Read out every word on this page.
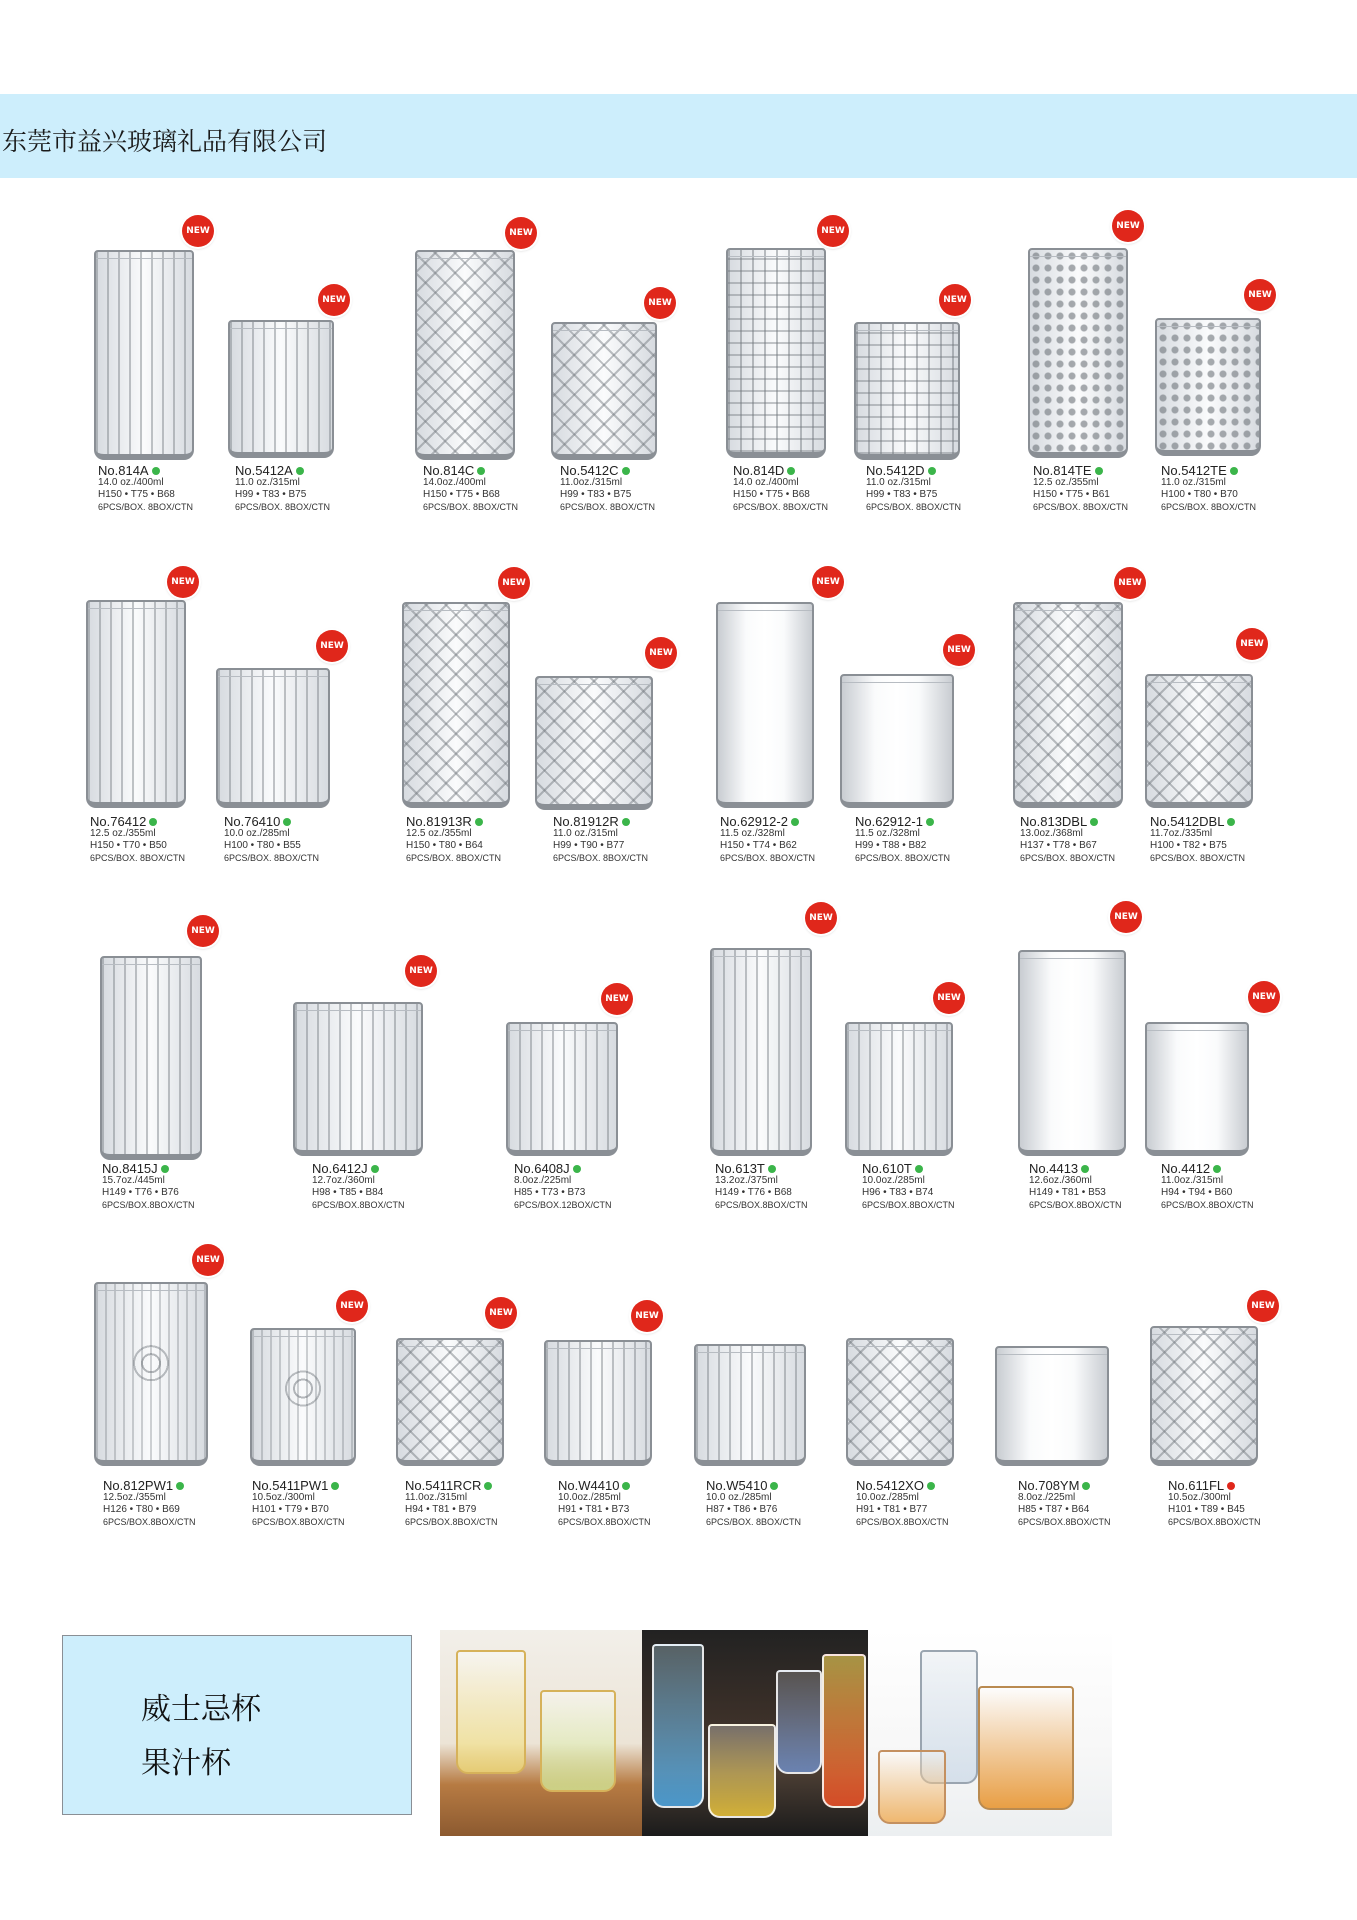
东莞市益兴玻璃礼品有限公司
威士忌杯
果汁杯
NEW
No.814A
14.0 oz./400ml
H150 • T75 • B68
6PCS/BOX. 8BOX/CTN
NEW
No.5412A
11.0 oz./315ml
H99 • T83 • B75
6PCS/BOX. 8BOX/CTN
NEW
No.814C
14.0oz./400ml
H150 • T75 • B68
6PCS/BOX. 8BOX/CTN
NEW
No.5412C
11.0oz./315ml
H99 • T83 • B75
6PCS/BOX. 8BOX/CTN
NEW
No.814D
14.0 oz./400ml
H150 • T75 • B68
6PCS/BOX. 8BOX/CTN
NEW
No.5412D
11.0 oz./315ml
H99 • T83 • B75
6PCS/BOX. 8BOX/CTN
NEW
No.814TE
12.5 oz./355ml
H150 • T75 • B61
6PCS/BOX. 8BOX/CTN
NEW
No.5412TE
11.0 oz./315ml
H100 • T80 • B70
6PCS/BOX. 8BOX/CTN
NEW
No.76412
12.5 oz./355ml
H150 • T70 • B50
6PCS/BOX. 8BOX/CTN
NEW
No.76410
10.0 oz./285ml
H100 • T80 • B55
6PCS/BOX. 8BOX/CTN
NEW
No.81913R
12.5 oz./355ml
H150 • T80 • B64
6PCS/BOX. 8BOX/CTN
NEW
No.81912R
11.0 oz./315ml
H99 • T90 • B77
6PCS/BOX. 8BOX/CTN
NEW
No.62912-2
11.5 oz./328ml
H150 • T74 • B62
6PCS/BOX. 8BOX/CTN
NEW
No.62912-1
11.5 oz./328ml
H99 • T88 • B82
6PCS/BOX. 8BOX/CTN
NEW
No.813DBL
13.0oz./368ml
H137 • T78 • B67
6PCS/BOX. 8BOX/CTN
NEW
No.5412DBL
11.7oz./335ml
H100 • T82 • B75
6PCS/BOX. 8BOX/CTN
NEW
No.8415J
15.7oz./445ml
H149 • T76 • B76
6PCS/BOX.8BOX/CTN
NEW
No.6412J
12.7oz./360ml
H98 • T85 • B84
6PCS/BOX.8BOX/CTN
NEW
No.6408J
8.0oz./225ml
H85 • T73 • B73
6PCS/BOX.12BOX/CTN
NEW
No.613T
13.2oz./375ml
H149 • T76 • B68
6PCS/BOX.8BOX/CTN
NEW
No.610T
10.0oz./285ml
H96 • T83 • B74
6PCS/BOX.8BOX/CTN
NEW
No.4413
12.6oz./360ml
H149 • T81 • B53
6PCS/BOX.8BOX/CTN
NEW
No.4412
11.0oz./315ml
H94 • T94 • B60
6PCS/BOX.8BOX/CTN
NEW
No.812PW1
12.5oz./355ml
H126 • T80 • B69
6PCS/BOX.8BOX/CTN
NEW
No.5411PW1
10.5oz./300ml
H101 • T79 • B70
6PCS/BOX.8BOX/CTN
NEW
No.5411RCR
11.0oz./315ml
H94 • T81 • B79
6PCS/BOX.8BOX/CTN
NEW
No.W4410
10.0oz./285ml
H91 • T81 • B73
6PCS/BOX.8BOX/CTN
No.W5410
10.0 oz./285ml
H87 • T86 • B76
6PCS/BOX. 8BOX/CTN
No.5412XO
10.0oz./285ml
H91 • T81 • B77
6PCS/BOX.8BOX/CTN
No.708YM
8.0oz./225ml
H85 • T87 • B64
6PCS/BOX.8BOX/CTN
NEW
No.611FL
10.5oz./300ml
H101 • T89 • B45
6PCS/BOX.8BOX/CTN
